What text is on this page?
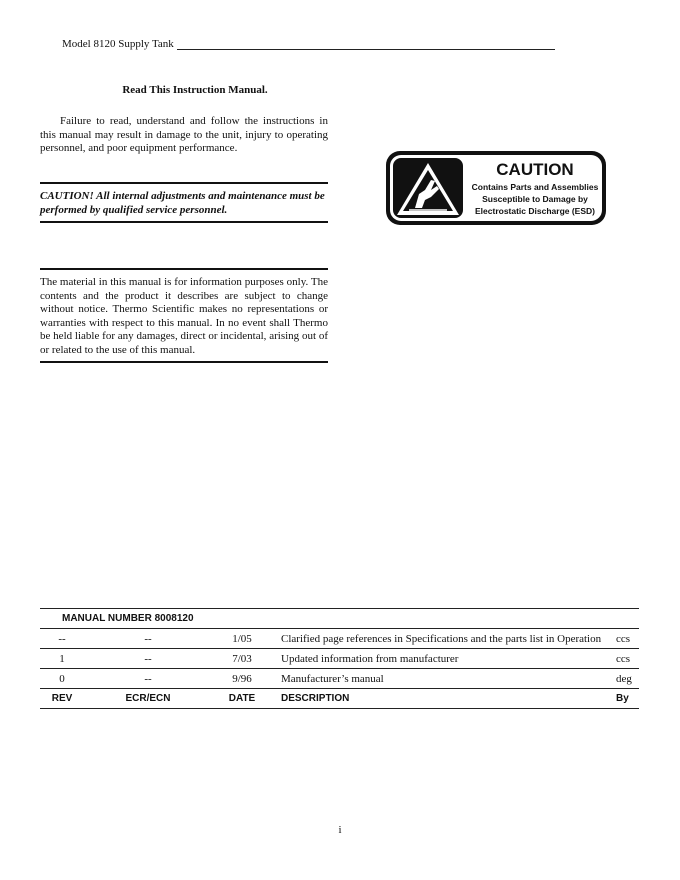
Model 8120 Supply Tank
Read This Instruction Manual.
Failure to read, understand and follow the instructions in this manual may result in damage to the unit, injury to operating personnel, and poor equipment performance.
CAUTION! All internal adjustments and maintenance must be performed by qualified service personnel.
The material in this manual is for information purposes only. The contents and the product it describes are subject to change without notice. Thermo Scientific makes no representations or warranties with respect to this manual. In no event shall Thermo be held liable for any damages, direct or incidental, arising out of or related to the use of this manual.
CAUTION
Contains Parts and Assemblies
Susceptible to Damage by
Electrostatic Discharge (ESD)
MANUAL NUMBER 8008120				
--	--	1/05	Clarified page references in Specifications and the parts list in Operation	ccs
1	--	7/03	Updated information from manufacturer	ccs
0	--	9/96	Manufacturer’s manual	deg
REV	ECR/ECN	DATE	DESCRIPTION	By
i
